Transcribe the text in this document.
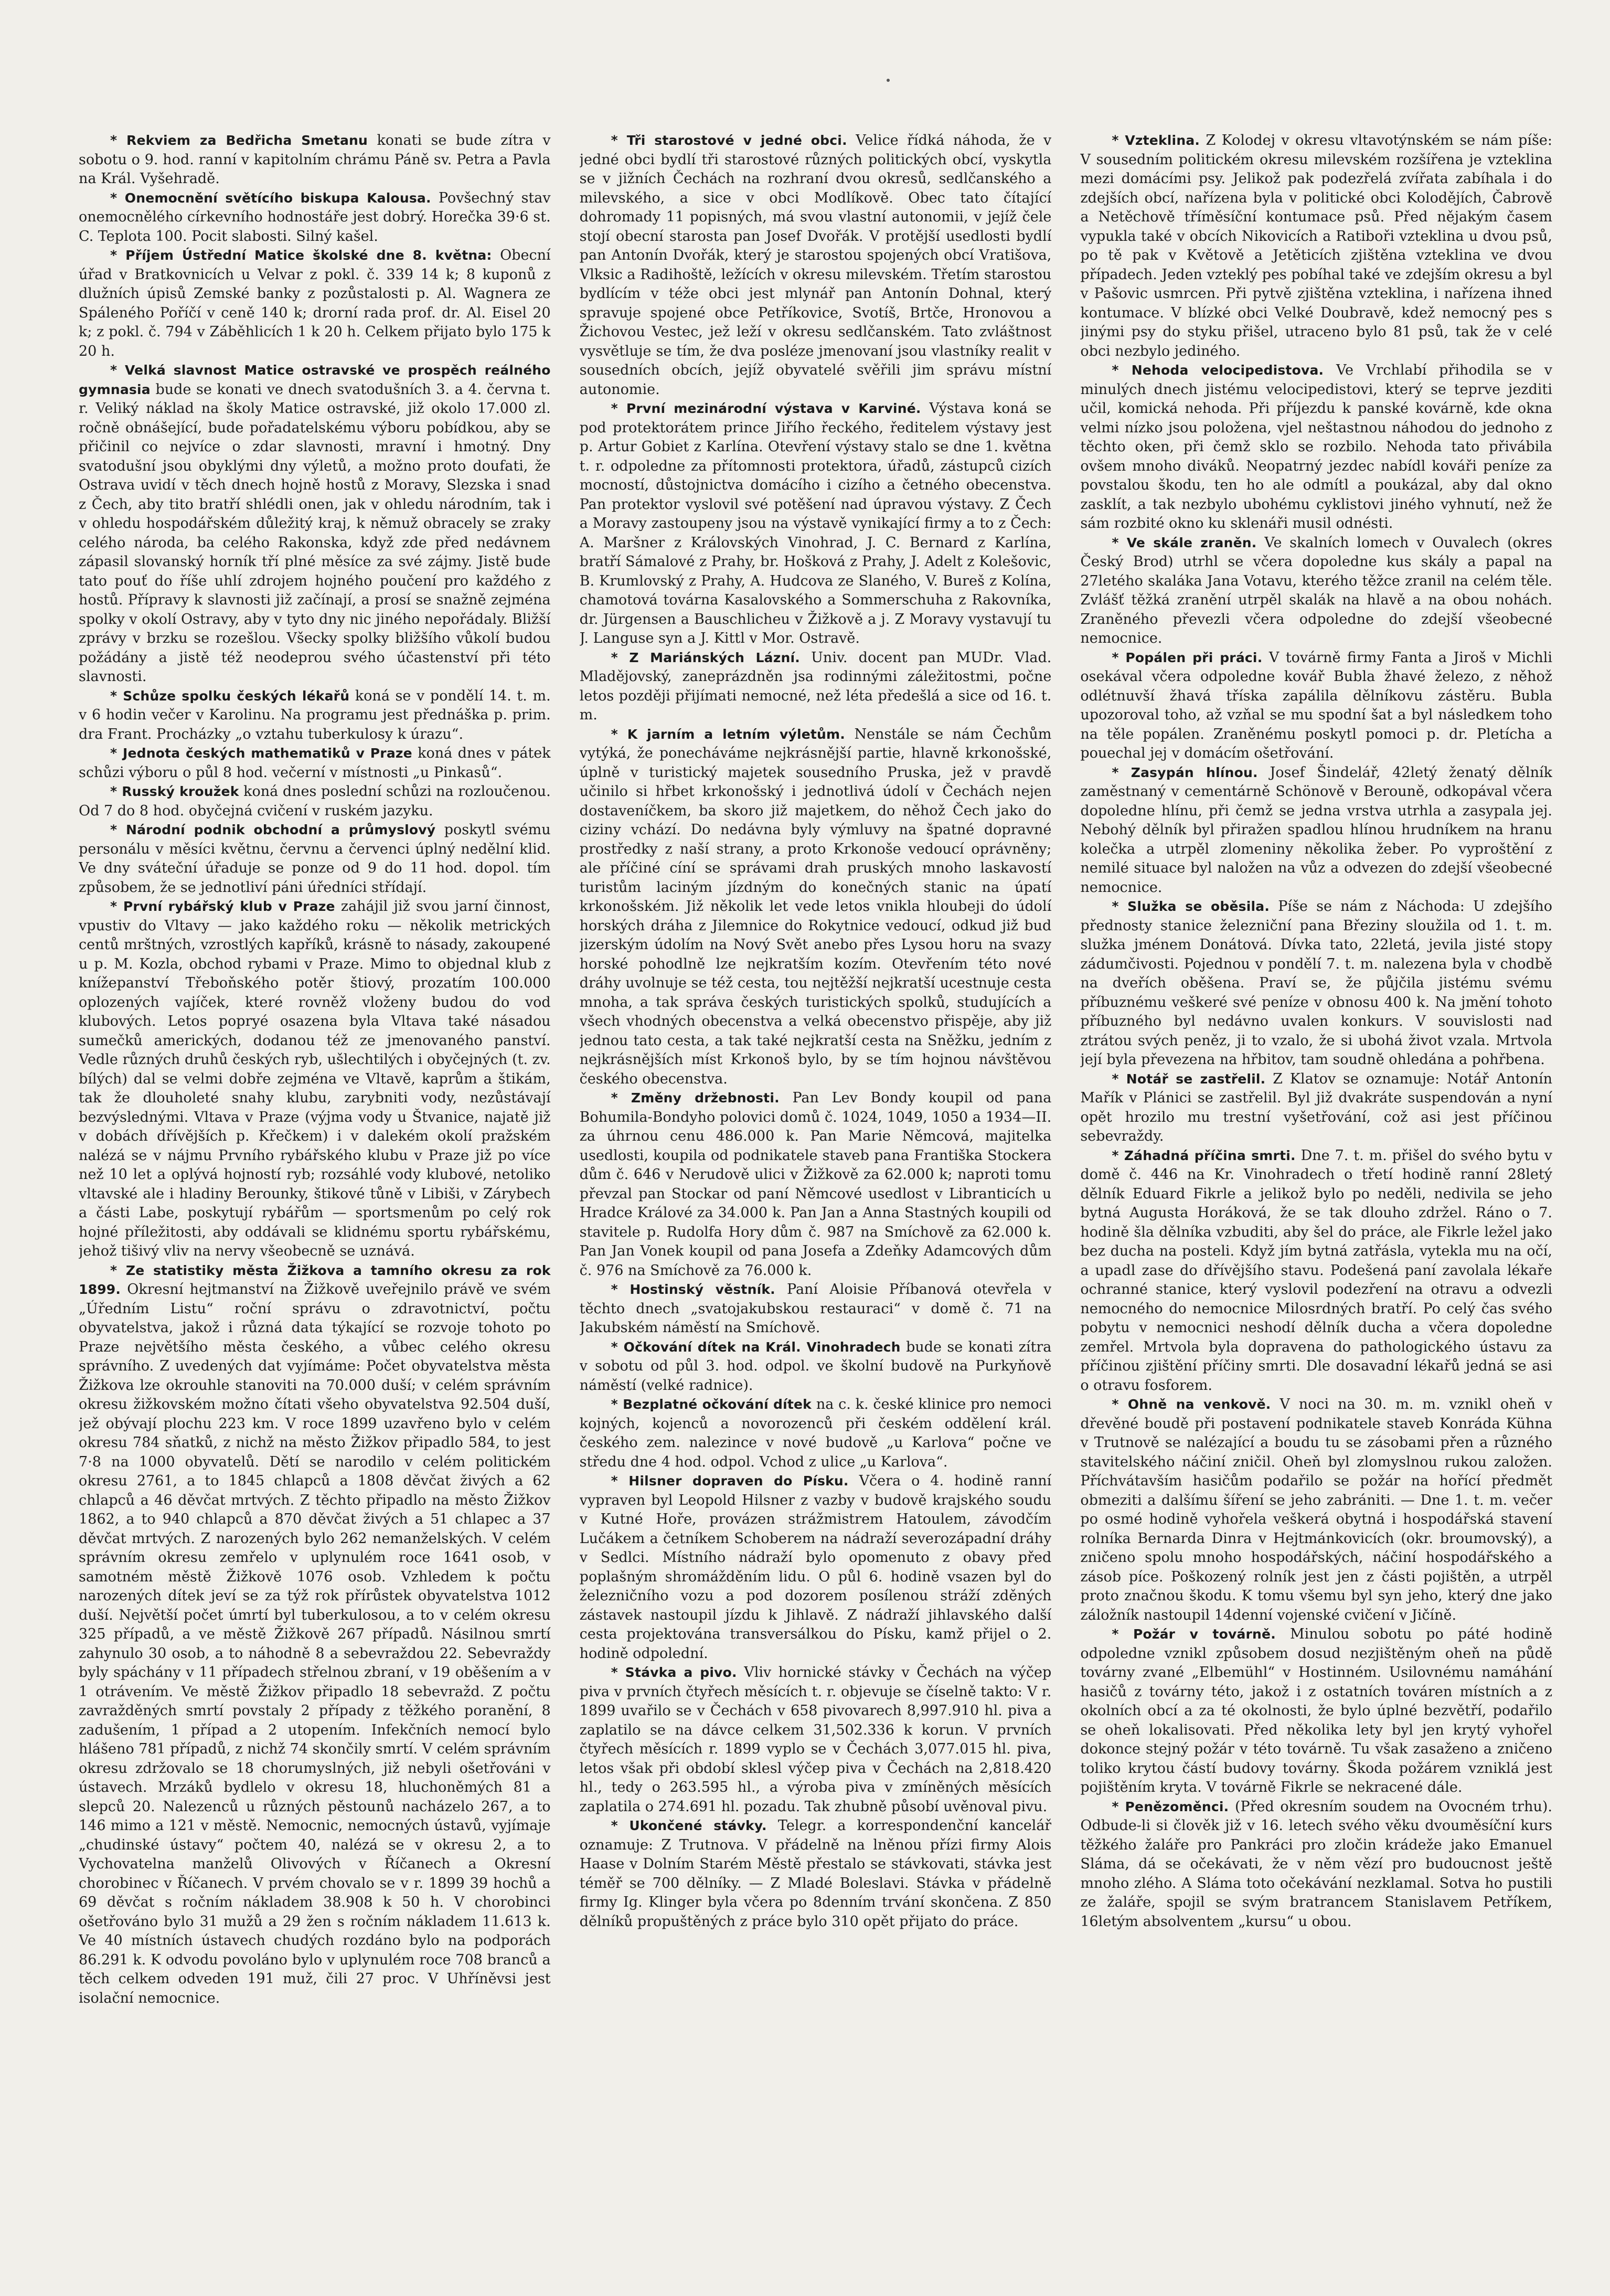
* Rekviem za Bedřicha Smetanu konati se bude zítra v sobotu o 9. hod. ranní v kapitolním chrámu Páně sv. Petra a Pavla na Král. Vyšehradě.

* Onemocnění světícího biskupa Kalousa. Povšechný stav onemocnělého církevního hodnostáře jest dobrý. Horečka 39·6 st. C. Teplota 100. Pocit slabosti. Silný kašel.

* Příjem Ústřední Matice školské dne 8. května: Obecní úřad v Bratkovnicích u Velvar z pokl. č. 339 14 k; 8 kuponů z dlužních úpisů Zemské banky z pozůstalosti p. Al. Wagnera ze Spáleného Poříčí v ceně 140 k; drorní rada prof. dr. Al. Eisel 20 k; z pokl. č. 794 v Záběhlicích 1 k 20 h. Celkem přijato bylo 175 k 20 h.

* Velká slavnost Matice ostravské ve prospěch reálného gymnasia bude se konati ve dnech svatodušních 3. a 4. června t. r. Veliký náklad na školy Matice ostravské, již okolo 17.000 zl. ročně obnášející, bude pořadatelskému výboru pobídkou, aby se přičinil co nejvíce o zdar slavnosti, mravní i hmotný. Dny svatodušní jsou obyklými dny výletů, a možno proto doufati, že Ostrava uvidí v těch dnech hojně hostů z Moravy, Slezska i snad z Čech, aby tito bratří shlédli onen, jak v ohledu národním, tak i v ohledu hospodářském důležitý kraj, k němuž obracely se zraky celého národa, ba celého Rakonska, když zde před nedávnem zápasil slovanský horník tří plné měsíce za své zájmy. Jistě bude tato pouť do říše uhlí zdrojem hojného poučení pro každého z hostů. Přípravy k slavnosti již začínají, a prosí se snažně zejména spolky v okolí Ostravy, aby v tyto dny nic jiného nepořádaly. Bližší zprávy v brzku se rozešlou. Všecky spolky bližšího vůkolí budou požádány a jistě též neodeprou svého účastenství při této slavnosti.

* Schůze spolku českých lékařů koná se v pondělí 14. t. m. v 6 hodin večer v Karolinu. Na programu jest přednáška p. prim. dra Frant. Procházky „o vztahu tuberkulosy k úrazu“.

* Jednota českých mathematiků v Praze koná dnes v pátek schůzi výboru o půl 8 hod. večerní v místnosti „u Pinkasů“.

* Russký kroužek koná dnes poslední schůzi na rozloučenou. Od 7 do 8 hod. obyčejná cvičení v ruském jazyku.

* Národní podnik obchodní a průmyslový poskytl svému personálu v měsíci květnu, červnu a červenci úplný nedělní klid. Ve dny sváteční úřaduje se ponze od 9 do 11 hod. dopol. tím způsobem, že se jednotliví páni úředníci střídají.

* První rybářský klub v Praze zahájil již svou jarní činnost, vpustiv do Vltavy — jako každého roku — několik metrických centů mrštných, vzrostlých kapříků, krásně to násady, zakoupené u p. M. Kozla, obchod rybami v Praze. Mimo to objednal klub z knížepanství Třeboňského potěr štiový, prozatím 100.000 oplozených vajíček, které rovněž vloženy budou do vod klubových. Letos popryé osazena byla Vltava také násadou sumečků amerických, dodanou též ze jmenovaného panství. Vedle různých druhů českých ryb, ušlechtilých i obyčejných (t. zv. bílých) dal se velmi dobře zejména ve Vltavě, kaprům a štikám, tak že dlouholeté snahy klubu, zarybniti vody, nezůstávají bezvýslednými. Vltava v Praze (výjma vody u Štvanice, najatě již v dobách dřívějších p. Křečkem) i v dalekém okolí pražském nalézá se v nájmu Prvního rybářského klubu v Praze již po více než 10 let a oplývá hojností ryb; rozsáhlé vody klubové, netoliko vltavské ale i hladiny Berounky, štikové tůně v Libiši, v Zárybech a části Labe, poskytují rybářům — sportsmenům po celý rok hojné příležitosti, aby oddávali se klidnému sportu rybářskému, jehož tišivý vliv na nervy všeobecně se uznává.

* Ze statistiky města Žižkova a tamního okresu za rok 1899. Okresní hejtmanství na Žižkově uveřejnilo právě ve svém „Úředním Listu“ roční správu o zdravotnictví, počtu obyvatelstva, jakož i různá data týkající se rozvoje tohoto po Praze největšího města českého, a vůbec celého okresu správního. Z uvedených dat vyjímáme: Počet obyvatelstva města Žižkova lze okrouhle stanoviti na 70.000 duší; v celém správním okresu žižkovském možno čítati všeho obyvatelstva 92.504 duší, jež obývají plochu 223 km. V roce 1899 uzavřeno bylo v celém okresu 784 sňatků, z nichž na město Žižkov připadlo 584, to jest 7·8 na 1000 obyvatelů. Dětí se narodilo v celém politickém okresu 2761, a to 1845 chlapců a 1808 děvčat živých a 62 chlapců a 46 děvčat mrtvých. Z těchto připadlo na město Žižkov 1862, a to 940 chlapců a 870 děvčat živých a 51 chlapec a 37 děvčat mrtvých. Z narozených bylo 262 nemanželských. V celém správním okresu zemřelo v uplynulém roce 1641 osob, v samotném městě Žižkově 1076 osob. Vzhledem k počtu narozených dítek jeví se za týž rok přírůstek obyvatelstva 1012 duší. Největší počet úmrtí byl tuberkulosou, a to v celém okresu 325 případů, a ve městě Žižkově 267 případů. Násilnou smrtí zahynulo 30 osob, a to náhodně 8 a sebevraždou 22. Sebevraždy byly spáchány v 11 případech střelnou zbraní, v 19 oběšením a v 1 otrávením. Ve městě Žižkov připadlo 18 sebevražd. Z počtu zavražděných smrtí povstaly 2 případy z těžkého poranění, 8 zadušením, 1 případ a 2 utopením. Infekčních nemocí bylo hlášeno 781 případů, z nichž 74 skončily smrtí. V celém správním okresu zdržovalo se 18 chorumyslných, již nebyli ošetřováni v ústavech. Mrzáků bydlelo v okresu 18, hluchoněmých 81 a slepců 20. Nalezenců u různých pěstounů nacházelo 267, a to 146 mimo a 121 v městě. Nemocnic, nemocných ústavů, vyjímaje „chudinské ústavy“ počtem 40, nalézá se v okresu 2, a to Vychovatelna manželů Olivových v Říčanech a Okresní chorobinec v Říčanech. V prvém chovalo se v r. 1899 39 hochů a 69 děvčat s ročním nákladem 38.908 k 50 h. V chorobinci ošetřováno bylo 31 mužů a 29 žen s ročním nákladem 11.613 k. Ve 40 místních ústavech chudých rozdáno bylo na podporách 86.291 k. K odvodu povoláno bylo v uplynulém roce 708 branců a těch celkem odveden 191 muž, čili 27 proc. V Uhříněvsi jest isolační nemocnice.

* Tři starostové v jedné obci. Velice řídká náhoda, že v jedné obci bydlí tři starostové různých politických obcí, vyskytla se v jižních Čechách na rozhraní dvou okresů, sedlčanského a milevského, a sice v obci Modlíkově. Obec tato čítající dohromady 11 popisných, má svou vlastní autonomii, v jejíž čele stojí obecní starosta pan Josef Dvořák. V protější usedlosti bydlí pan Antonín Dvořák, který je starostou spojených obcí Vratišova, Vlksic a Radihoště, ležících v okresu milevském. Třetím starostou bydlícím v téže obci jest mlynář pan Antonín Dohnal, který spravuje spojené obce Petříkovice, Svotíš, Brtče, Hronovou a Žichovou Vestec, jež leží v okresu sedlčanském. Tato zvláštnost vysvětluje se tím, že dva posléze jmenovaní jsou vlastníky realit v sousedních obcích, jejíž obyvatelé svěřili jim správu místní autonomie.

* První mezinárodní výstava v Karviné. Výstava koná se pod protektorátem prince Jiřího řeckého, ředitelem výstavy jest p. Artur Gobiet z Karlína. Otevření výstavy stalo se dne 1. května t. r. odpoledne za přítomnosti protektora, úřadů, zástupců cizích mocností, důstojnictva domácího i cizího a četného obecenstva. Pan protektor vyslovil své potěšení nad úpravou výstavy. Z Čech a Moravy zastoupeny jsou na výstavě vynikající firmy a to z Čech: A. Maršner z Královských Vinohrad, J. C. Bernard z Karlína, bratří Sámalové z Prahy, br. Hošková z Prahy, J. Adelt z Kolešovic, B. Krumlovský z Prahy, A. Hudcova ze Slaného, V. Bureš z Kolína, chamotová továrna Kasalovského a Sommerschuha z Rakovníka, dr. Jürgensen a Bauschlicheu v Žižkově a j. Z Moravy vystavují tu J. Languse syn a J. Kittl v Mor. Ostravě.

* Z Mariánských Lázní. Univ. docent pan MUDr. Vlad. Mladějovský, zaneprázdněn jsa rodinnými záležitostmi, počne letos později přijímati nemocné, než léta předešlá a sice od 16. t. m.

* K jarním a letním výletům. Nenstále se nám Čechům vytýká, že ponecháváme nejkrásnější partie, hlavně krkonošské, úplně v turistický majetek sousedního Pruska, jež v pravdě učinilo si hřbet krkonošský i jednotlivá údolí v Čechách nejen dostaveníčkem, ba skoro již majetkem, do něhož Čech jako do ciziny vchází. Do nedávna byly výmluvy na špatné dopravné prostředky z naší strany, a proto Krkonoše vedoucí oprávněny; ale příčiné cíní se správami drah pruských mnoho laskavostí turistům laciným jízdným do konečných stanic na úpatí krkonošském. Již několik let vede letos vnikla hloubeji do údolí horských dráha z Jilemnice do Rokytnice vedoucí, odkud již bud jizerským údolím na Nový Svět anebo přes Lysou horu na svazy horské pohodlně lze nejkratším kozím. Otevřením této nové dráhy uvolnuje se též cesta, tou nejtěžší nejkratší ucestnuje cesta mnoha, a tak správa českých turistických spolků, studujících a všech vhodných obecenstva a velká obecenstvo přispěje, aby již jednou tato cesta, a tak také nejkratší cesta na Sněžku, jedním z nejkrásnějších míst Krkonoš bylo, by se tím hojnou návštěvou českého obecenstva.

* Změny držebnosti. Pan Lev Bondy koupil od pana Bohumila-Bondyho polovici domů č. 1024, 1049, 1050 a 1934—II. za úhrnou cenu 486.000 k. Pan Marie Němcová, majitelka usedlosti, koupila od podnikatele staveb pana Františka Stockera dům č. 646 v Nerudově ulici v Žižkově za 62.000 k; naproti tomu převzal pan Stockar od paní Němcové usedlost v Libranticích u Hradce Králové za 34.000 k. Pan Jan a Anna Stastných koupili od stavitele p. Rudolfa Hory dům č. 987 na Smíchově za 62.000 k. Pan Jan Vonek koupil od pana Josefa a Zdeňky Adamcových dům č. 976 na Smíchově za 76.000 k.

* Hostinský věstník. Paní Aloisie Příbanová otevřela v těchto dnech „svatojakubskou restauraci“ v domě č. 71 na Jakubském náměstí na Smíchově.

* Očkování dítek na Král. Vinohradech bude se konati zítra v sobotu od půl 3. hod. odpol. ve školní budově na Purkyňově náměstí (velké radnice).

* Bezplatné očkování dítek na c. k. české klinice pro nemoci kojných, kojenců a novorozenců při českém oddělení král. českého zem. nalezince v nové budově „u Karlova“ počne ve středu dne 4 hod. odpol. Vchod z ulice „u Karlova“.

* Hilsner dopraven do Písku. Včera o 4. hodině ranní vypraven byl Leopold Hilsner z vazby v budově krajského soudu v Kutné Hoře, provázen strážmistrem Hatoulem, závodčím Lučákem a četníkem Schoberem na nádraží severozápadní dráhy v Sedlci. Místního nádraží bylo opomenuto z obavy před poplašným shromážděním lidu. O půl 6. hodině vsazen byl do železničního vozu a pod dozorem posílenou stráží zděných zástavek nastoupil jízdu k Jihlavě. Z nádraží jihlavského další cesta projektována transversálkou do Písku, kamž přijel o 2. hodině odpolední.

* Stávka a pivo. Vliv hornické stávky v Čechách na výčep piva v prvních čtyřech měsících t. r. objevuje se číselně takto: V r. 1899 uvařilo se v Čechách v 658 pivovarech 8,997.910 hl. piva a zaplatilo se na dávce celkem 31,502.336 k korun. V prvních čtyřech měsících r. 1899 vyplo se v Čechách 3,077.015 hl. piva, letos však při období sklesl výčep piva v Čechách na 2,818.420 hl., tedy o 263.595 hl., a výroba piva v zmíněných měsících zaplatila o 274.691 hl. pozadu. Tak zhubně působí uvěnoval pivu.

* Ukončené stávky. Telegr. a korrespondenční kancelář oznamuje: Z Trutnova. V přádelně na lněnou přízi firmy Alois Haase v Dolním Starém Městě přestalo se stávkovati, stávka jest téměř se 700 dělníky. — Z Mladé Boleslavi. Stávka v přádelně firmy Ig. Klinger byla včera po 8denním trvání skončena. Z 850 dělníků propuštěných z práce bylo 310 opět přijato do práce.

* Vzteklina. Z Kolodej v okresu vltavotýnském se nám píše: V sousedním politickém okresu milevském rozšířena je vzteklina mezi domácími psy. Jelikož pak podezřelá zvířata zabíhala i do zdejších obcí, nařízena byla v politické obci Kolodějích, Čabrově a Netěchově tříměsíční kontumace psů. Před nějakým časem vypukla také v obcích Nikovicích a Ratiboři vzteklina u dvou psů, po tě pak v Květově a Jetěticích zjištěna vzteklina ve dvou případech. Jeden vzteklý pes pobíhal také ve zdejším okresu a byl v Pašovic usmrcen. Při pytvě zjištěna vzteklina, i nařízena ihned kontumace. V blízké obci Velké Doubravě, kdež nemocný pes s jinými psy do styku přišel, utraceno bylo 81 psů, tak že v celé obci nezbylo jediného.

* Nehoda velocipedistova. Ve Vrchlabí přihodila se v minulých dnech jistému velocipedistovi, který se teprve jezditi učil, komická nehoda. Při příjezdu k panské kovárně, kde okna velmi nízko jsou položena, vjel neštastnou náhodou do jednoho z těchto oken, při čemž sklo se rozbilo. Nehoda tato přivábila ovšem mnoho diváků. Neopatrný jezdec nabídl kováři peníze za povstalou škodu, ten ho ale odmítl a poukázal, aby dal okno zasklít, a tak nezbylo ubohému cyklistovi jiného vyhnutí, než že sám rozbité okno ku sklenáři musil odnésti.

* Ve skále zraněn. Ve skalních lomech v Ouvalech (okres Český Brod) utrhl se včera dopoledne kus skály a papal na 27letého skaláka Jana Votavu, kterého těžce zranil na celém těle. Zvlášť těžká zranění utrpěl skalák na hlavě a na obou nohách. Zraněného převezli včera odpoledne do zdejší všeobecné nemocnice.

* Popálen při práci. V továrně firmy Fanta a Jiroš v Michli osekával včera odpoledne kovář Bubla žhavé železo, z něhož odlétnuvší žhavá tříska zapálila dělníkovu zástěru. Bubla upozoroval toho, až vzňal se mu spodní šat a byl následkem toho na těle popálen. Zraněnému poskytl pomoci p. dr. Pletícha a pouechal jej v domácím ošetřování.

* Zasypán hlínou. Josef Šindelář, 42letý ženatý dělník zaměstnaný v cementárně Schönově v Berouně, odkopával včera dopoledne hlínu, při čemž se jedna vrstva utrhla a zasypala jej. Nebohý dělník byl přiražen spadlou hlínou hrudníkem na hranu kolečka a utrpěl zlomeniny několika žeber. Po vyproštění z nemilé situace byl naložen na vůz a odvezen do zdejší všeobecné nemocnice.

* Služka se oběsila. Píše se nám z Náchoda: U zdejšího přednosty stanice železniční pana Březiny sloužila od 1. t. m. služka jménem Donátová. Dívka tato, 22letá, jevila jisté stopy zádumčivosti. Pojednou v pondělí 7. t. m. nalezena byla v chodbě na dveřích oběšena. Praví se, že půjčila jistému svému příbuznému veškeré své peníze v obnosu 400 k. Na jmění tohoto příbuzného byl nedávno uvalen konkurs. V souvislosti nad ztrátou svých peněz, ji to vzalo, že si ubohá život vzala. Mrtvola její byla převezena na hřbitov, tam soudně ohledána a pohřbena.

* Notář se zastřelil. Z Klatov se oznamuje: Notář Antonín Mařík v Plánici se zastřelil. Byl již dvakráte suspendován a nyní opět hrozilo mu trestní vyšetřování, což asi jest příčinou sebevraždy.

* Záhadná příčina smrti. Dne 7. t. m. přišel do svého bytu v domě č. 446 na Kr. Vinohradech o třetí hodině ranní 28letý dělník Eduard Fikrle a jelikož bylo po neděli, nedivila se jeho bytná Augusta Horáková, že se tak dlouho zdržel. Ráno o 7. hodině šla dělníka vzbuditi, aby šel do práce, ale Fikrle ležel jako bez ducha na posteli. Když jím bytná zatřásla, vytekla mu na očí, a upadl zase do dřívějšího stavu. Podešená paní zavolala lékaře ochranné stanice, který vyslovil podezření na otravu a odvezli nemocného do nemocnice Milosrdných bratří. Po celý čas svého pobytu v nemocnici neshodí dělník ducha a včera dopoledne zemřel. Mrtvola byla dopravena do pathologického ústavu za příčinou zjištění příčiny smrti. Dle dosavadní lékařů jedná se asi o otravu fosforem.

* Ohně na venkově. V noci na 30. m. m. vznikl oheň v dřevěné boudě při postavení podnikatele staveb Konráda Kühna v Trutnově se nalézající a boudu tu se zásobami přen a různého stavitelského náčiní zničil. Oheň byl zlomyslnou rukou založen. Příchvátavším hasičům podařilo se požár na hořící předmět obmeziti a dalšímu šíření se jeho zabrániti. — Dne 1. t. m. večer po osmé hodině vyhořela veškerá obytná i hospodářská stavení rolníka Bernarda Dinra v Hejtmánkovicích (okr. broumovský), a zničeno spolu mnoho hospodářských, náčiní hospodářského a zásob píce. Poškozený rolník jest jen z části pojištěn, a utrpěl proto značnou škodu. K tomu všemu byl syn jeho, který dne jako záložník nastoupil 14denní vojenské cvičení v Jičíně.

* Požár v továrně. Minulou sobotu po páté hodině odpoledne vznikl způsobem dosud nezjištěným oheň na půdě továrny zvané „Elbemühl“ v Hostinném. Usilovnému namáhání hasičů z továrny této, jakož i z ostatních továren místních a z okolních obcí a za té okolnosti, že bylo úplné bezvětří, podařilo se oheň lokalisovati. Před několika lety byl jen krytý vyhořel dokonce stejný požár v této továrně. Tu však zasaženo a zničeno toliko krytou částí budovy továrny. Škoda požárem vzniklá jest pojištěním kryta. V továrně Fikrle se nekracené dále.

* Penězoměnci. (Před okresním soudem na Ovocném trhu). Odbude-li si člověk již v 16. letech svého věku dvouměsíční kurs těžkého žaláře pro Pankráci pro zločin krádeže jako Emanuel Sláma, dá se očekávati, že v něm vězí pro budoucnost ještě mnoho zlého. A Sláma toto očekávání nezklamal. Sotva ho pustili ze žaláře, spojil se svým bratrancem Stanislavem Petříkem, 16letým absolventem „kursu“ u obou.
